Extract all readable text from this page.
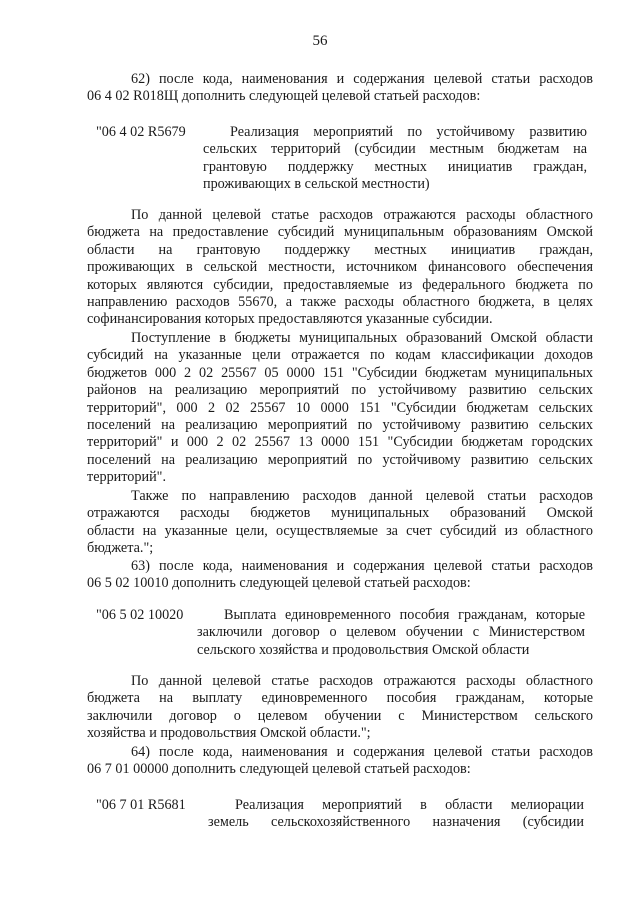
56
62) после кода, наименования и содержания целевой статьи расходов
06 4 02 R018Щ дополнить следующей целевой статьей расходов:
"06 4 02 R5679	Реализация мероприятий по устойчивому развитию
сельских территорий (субсидии местным бюджетам на
грантовую поддержку местных инициатив граждан,
проживающих в сельской местности)
По данной целевой статье расходов отражаются расходы областного
бюджета на предоставление субсидий муниципальным образованиям Омской
области на грантовую поддержку местных инициатив граждан,
проживающих в сельской местности, источником финансового обеспечения
которых являются субсидии, предоставляемые из федерального бюджета по
направлению расходов 55670, а также расходы областного бюджета, в целях
софинансирования которых предоставляются указанные субсидии.
Поступление в бюджеты муниципальных образований Омской области
субсидий на указанные цели отражается по кодам классификации доходов
бюджетов 000 2 02 25567 05 0000 151 "Субсидии бюджетам муниципальных
районов на реализацию мероприятий по устойчивому развитию сельских
территорий", 000 2 02 25567 10 0000 151 "Субсидии бюджетам сельских
поселений на реализацию мероприятий по устойчивому развитию сельских
территорий" и 000 2 02 25567 13 0000 151 "Субсидии бюджетам городских
поселений на реализацию мероприятий по устойчивому развитию сельских
территорий".
Также по направлению расходов данной целевой статьи расходов
отражаются расходы бюджетов муниципальных образований Омской
области на указанные цели, осуществляемые за счет субсидий из областного
бюджета.";
63) после кода, наименования и содержания целевой статьи расходов
06 5 02 10010 дополнить следующей целевой статьей расходов:
"06 5 02 10020	Выплата единовременного пособия гражданам, которые
заключили договор о целевом обучении с Министерством
сельского хозяйства и продовольствия Омской области
По данной целевой статье расходов отражаются расходы областного
бюджета на выплату единовременного пособия гражданам, которые
заключили договор о целевом обучении с Министерством сельского
хозяйства и продовольствия Омской области.";
64) после кода, наименования и содержания целевой статьи расходов
06 7 01 00000 дополнить следующей целевой статьей расходов:
"06 7 01 R5681	Реализация мероприятий в области мелиорации
земель сельскохозяйственного назначения (субсидии
